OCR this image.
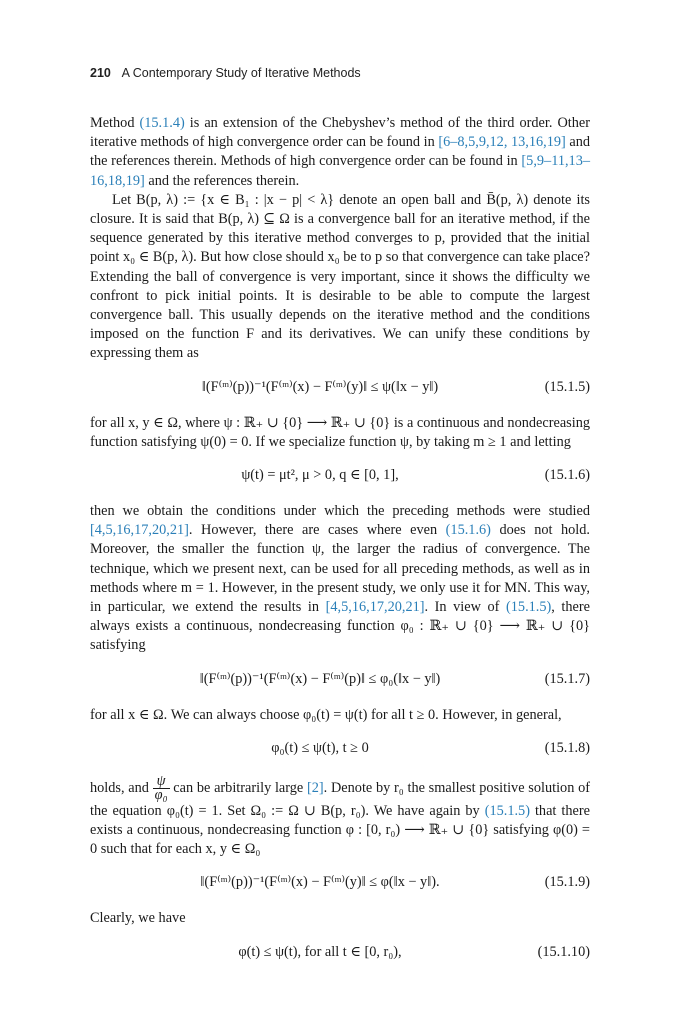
210 A Contemporary Study of Iterative Methods

Method (15.1.4) is an extension of the Chebyshev’s method of the third order. Other iterative methods of high convergence order can be found in [6–8,5,9,12, 13,16,19] and the references therein. Methods of high convergence order can be found in [5,9–11,13–16,18,19] and the references therein.

Let B(p, λ) := {x ∈ B₁ : |x − p| < λ} denote an open ball and B̄(p, λ) denote its closure. It is said that B(p, λ) ⊆ Ω is a convergence ball for an iterative method, if the sequence generated by this iterative method converges to p, provided that the initial point x₀ ∈ B(p, λ). But how close should x₀ be to p so that convergence can take place? Extending the ball of convergence is very important, since it shows the difficulty we confront to pick initial points. It is desirable to be able to compute the largest convergence ball. This usually depends on the iterative method and the conditions imposed on the function F and its derivatives. We can unify these conditions by expressing them as

‖(F⁽ᵐ⁾(p))⁻¹(F⁽ᵐ⁾(x) − F⁽ᵐ⁾(y)‖ ≤ ψ(‖x − y‖)	(15.1.5)

for all x, y ∈ Ω, where ψ : ℝ₊ ∪ {0} ⟶ ℝ₊ ∪ {0} is a continuous and nondecreasing function satisfying ψ(0) = 0. If we specialize function ψ, by taking m ≥ 1 and letting

ψ(t) = μt², μ > 0, q ∈ [0, 1],	(15.1.6)

then we obtain the conditions under which the preceding methods were studied [4,5,16,17,20,21]. However, there are cases where even (15.1.6) does not hold. Moreover, the smaller the function ψ, the larger the radius of convergence. The technique, which we present next, can be used for all preceding methods, as well as in methods where m = 1. However, in the present study, we only use it for MN. This way, in particular, we extend the results in [4,5,16,17,20,21]. In view of (15.1.5), there always exists a continuous, nondecreasing function φ₀ : ℝ₊ ∪ {0} ⟶ ℝ₊ ∪ {0} satisfying

‖(F⁽ᵐ⁾(p))⁻¹(F⁽ᵐ⁾(x) − F⁽ᵐ⁾(p)‖ ≤ φ₀(‖x − y‖)	(15.1.7)

for all x ∈ Ω. We can always choose φ₀(t) = ψ(t) for all t ≥ 0. However, in general,

φ₀(t) ≤ ψ(t), t ≥ 0	(15.1.8)

holds, and $\frac{\psi}{\text{φ₀}}$ can be arbitrarily large [2]. Denote by r₀ the smallest positive solution of the equation φ₀(t) = 1. Set Ω₀ := Ω ∪ B(p, r₀). We have again by (15.1.5) that there exists a continuous, nondecreasing function φ : [0, r₀) ⟶ ℝ₊ ∪ {0} satisfying φ(0) = 0 such that for each x, y ∈ Ω₀

‖(F⁽ᵐ⁾(p))⁻¹(F⁽ᵐ⁾(x) − F⁽ᵐ⁾(y)‖ ≤ φ(‖x − y‖).	(15.1.9)

Clearly, we have

φ(t) ≤ ψ(t), for all t ∈ [0, r₀),	(15.1.10)
